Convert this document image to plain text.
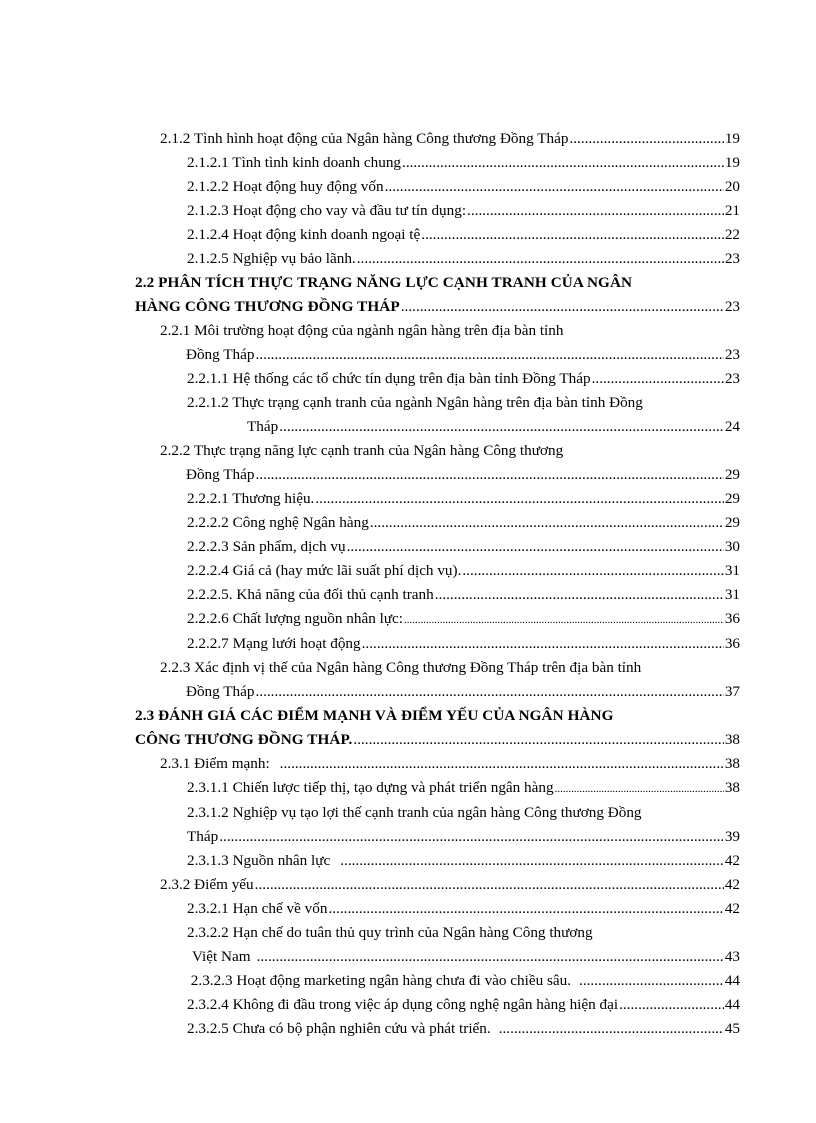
2.1.2 Tình hình hoạt động của Ngân hàng Công thương Đồng Tháp .....	19
2.1.2.1 Tình tình kinh doanh chung .....	19
2.1.2.2 Hoạt động huy động vốn .....	20
2.1.2.3 Hoạt động cho vay và đầu tư tín dụng: .....	21
2.1.2.4 Hoạt động kinh doanh ngoại tệ .....	22
2.1.2.5 Nghiệp vụ bảo lãnh. .....	23
2.2 PHÂN TÍCH THỰC TRẠNG NĂNG LỰC CẠNH TRANH CỦA NGÂN
HÀNG CÔNG THƯƠNG ĐỒNG THÁP .....	23
2.2.1 Môi trường hoạt động của ngành ngân hàng trên địa bàn tỉnh
Đồng Tháp .....	23
2.2.1.1 Hệ thống các tổ chức tín dụng trên địa bàn tỉnh Đồng Tháp .....	23
2.2.1.2 Thực trạng cạnh tranh của ngành Ngân hàng trên địa bàn tỉnh Đồng
Tháp .....	24
2.2.2 Thực trạng năng lực cạnh tranh của Ngân hàng Công thương
Đồng Tháp .....	29
2.2.2.1 Thương hiệu. .....	29
2.2.2.2 Công nghệ Ngân hàng .....	29
2.2.2.3 Sản phẩm, dịch vụ .....	30
2.2.2.4 Giá cả (hay mức lãi suất phí dịch vụ). .....	31
2.2.2.5. Khả năng của đối thủ cạnh tranh .....	31
2.2.2.6 Chất lượng nguồn nhân lực: .....	36
2.2.2.7 Mạng lưới hoạt động .....	36
2.2.3 Xác định vị thế của Ngân hàng Công thương Đồng Tháp trên địa bàn tỉnh
Đồng Tháp .....	37
2.3 ĐÁNH GIÁ CÁC ĐIỂM MẠNH VÀ ĐIỂM YẾU CỦA NGÂN HÀNG
CÔNG THƯƠNG ĐỒNG THÁP. .....	38
2.3.1 Điểm mạnh: .....	38
2.3.1.1 Chiến lược tiếp thị, tạo dựng và phát triển ngân hàng .....	38
2.3.1.2 Nghiệp vụ tạo lợi thế cạnh tranh của ngân hàng Công thương Đồng
Tháp .....	39
2.3.1.3 Nguồn nhân lực .....	42
2.3.2 Điểm yếu .....	42
2.3.2.1 Hạn chế về vốn .....	42
2.3.2.2 Hạn chế do tuân thủ quy trình của Ngân hàng Công thương
Việt Nam .....	43
2.3.2.3 Hoạt động marketing ngân hàng chưa đi vào chiều sâu. .....	44
2.3.2.4 Không đi đầu trong việc áp dụng công nghệ ngân hàng hiện đại .....	44
2.3.2.5 Chưa có bộ phận nghiên cứu và phát triển. .....	45
